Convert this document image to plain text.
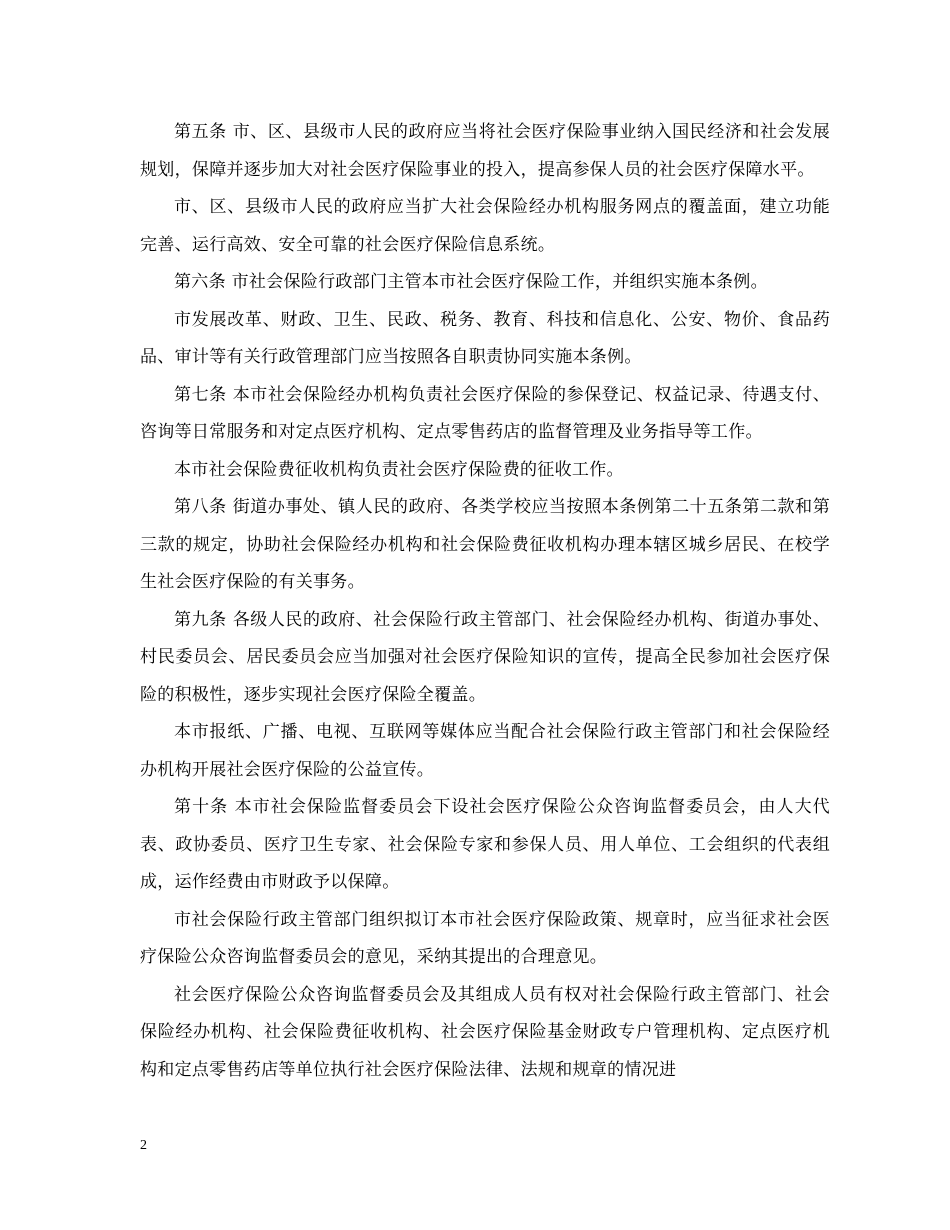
第五条 市、区、县级市人民的政府应当将社会医疗保险事业纳入国民经济和社会发展规划，保障并逐步加大对社会医疗保险事业的投入，提高参保人员的社会医疗保障水平。

市、区、县级市人民的政府应当扩大社会保险经办机构服务网点的覆盖面，建立功能完善、运行高效、安全可靠的社会医疗保险信息系统。

第六条 市社会保险行政部门主管本市社会医疗保险工作，并组织实施本条例。

市发展改革、财政、卫生、民政、税务、教育、科技和信息化、公安、物价、食品药品、审计等有关行政管理部门应当按照各自职责协同实施本条例。

第七条 本市社会保险经办机构负责社会医疗保险的参保登记、权益记录、待遇支付、咨询等日常服务和对定点医疗机构、定点零售药店的监督管理及业务指导等工作。

本市社会保险费征收机构负责社会医疗保险费的征收工作。

第八条 街道办事处、镇人民的政府、各类学校应当按照本条例第二十五条第二款和第三款的规定，协助社会保险经办机构和社会保险费征收机构办理本辖区城乡居民、在校学生社会医疗保险的有关事务。

第九条 各级人民的政府、社会保险行政主管部门、社会保险经办机构、街道办事处、村民委员会、居民委员会应当加强对社会医疗保险知识的宣传，提高全民参加社会医疗保险的积极性，逐步实现社会医疗保险全覆盖。

本市报纸、广播、电视、互联网等媒体应当配合社会保险行政主管部门和社会保险经办机构开展社会医疗保险的公益宣传。

第十条 本市社会保险监督委员会下设社会医疗保险公众咨询监督委员会，由人大代表、政协委员、医疗卫生专家、社会保险专家和参保人员、用人单位、工会组织的代表组成，运作经费由市财政予以保障。

市社会保险行政主管部门组织拟订本市社会医疗保险政策、规章时，应当征求社会医疗保险公众咨询监督委员会的意见，采纳其提出的合理意见。

社会医疗保险公众咨询监督委员会及其组成人员有权对社会保险行政主管部门、社会保险经办机构、社会保险费征收机构、社会医疗保险基金财政专户管理机构、定点医疗机构和定点零售药店等单位执行社会医疗保险法律、法规和规章的情况进

2
